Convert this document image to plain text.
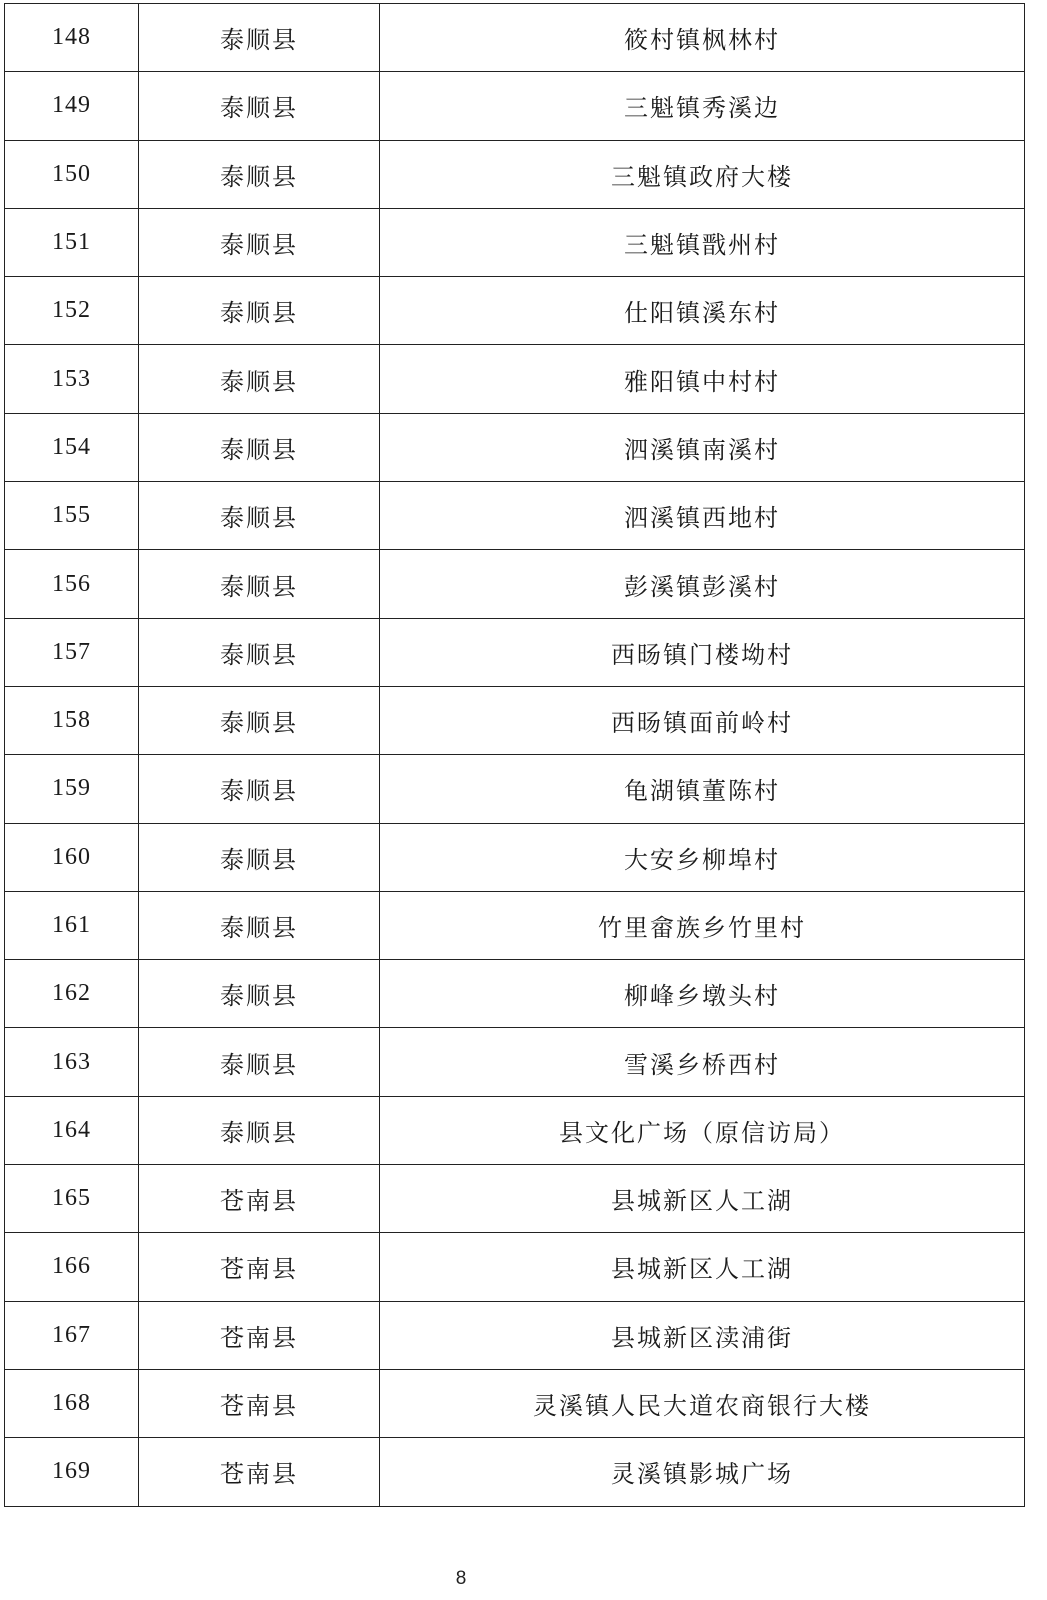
148	泰顺县	筱村镇枫林村
149	泰顺县	三魁镇秀溪边
150	泰顺县	三魁镇政府大楼
151	泰顺县	三魁镇戬州村
152	泰顺县	仕阳镇溪东村
153	泰顺县	雅阳镇中村村
154	泰顺县	泗溪镇南溪村
155	泰顺县	泗溪镇西地村
156	泰顺县	彭溪镇彭溪村
157	泰顺县	西旸镇门楼坳村
158	泰顺县	西旸镇面前岭村
159	泰顺县	龟湖镇董陈村
160	泰顺县	大安乡柳埠村
161	泰顺县	竹里畲族乡竹里村
162	泰顺县	柳峰乡墩头村
163	泰顺县	雪溪乡桥西村
164	泰顺县	县文化广场（原信访局）
165	苍南县	县城新区人工湖
166	苍南县	县城新区人工湖
167	苍南县	县城新区渎浦街
168	苍南县	灵溪镇人民大道农商银行大楼
169	苍南县	灵溪镇影城广场
8
